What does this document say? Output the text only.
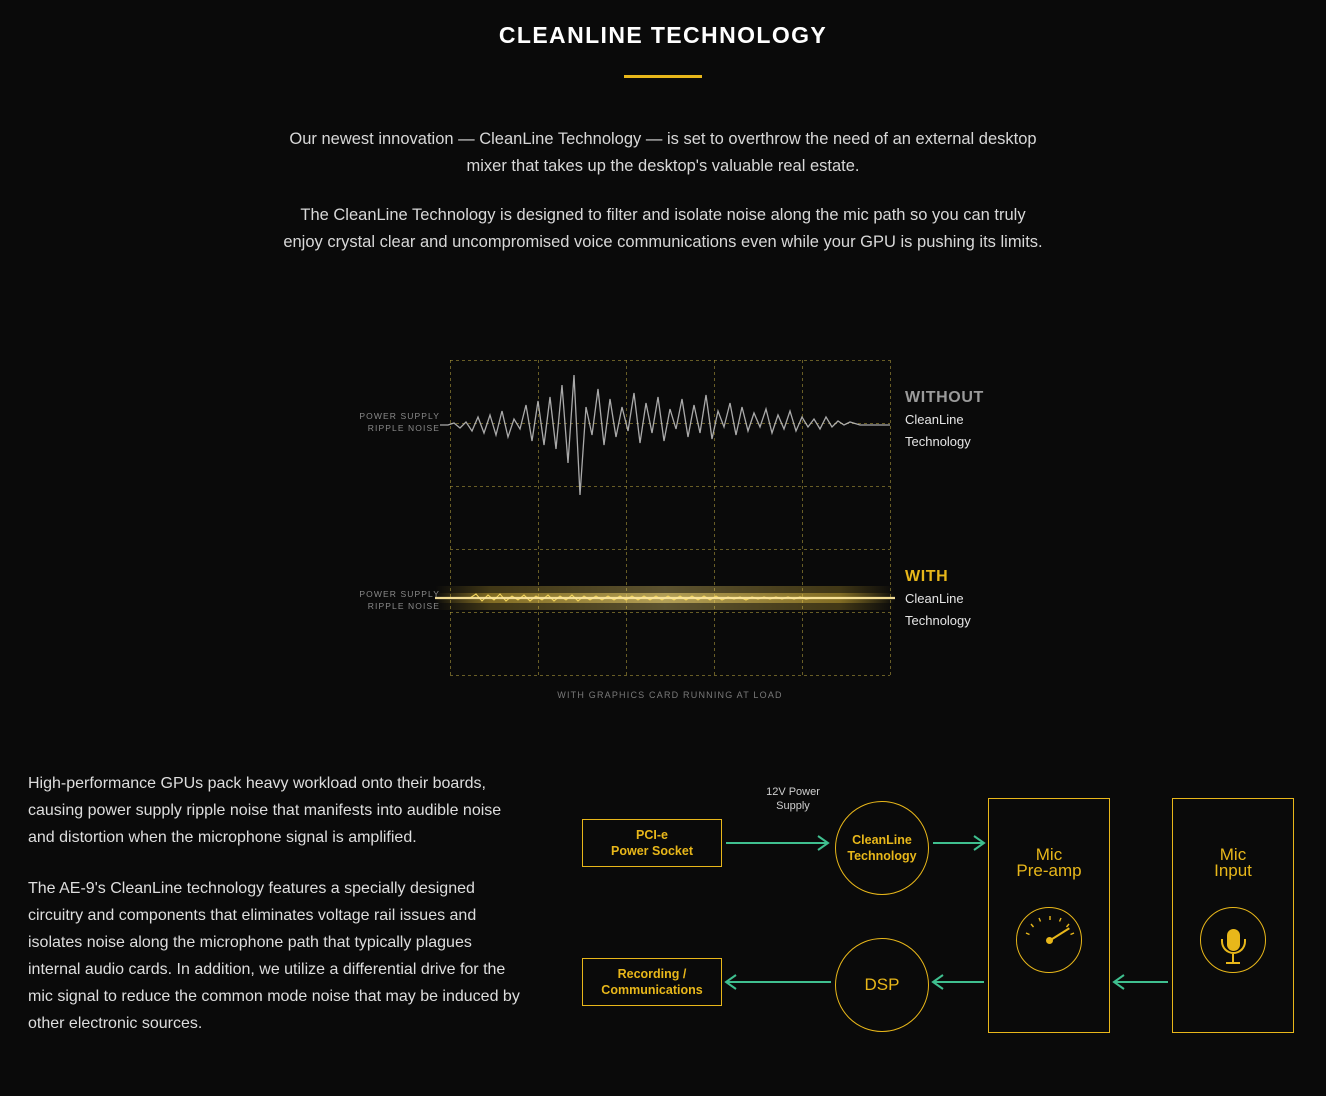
CLEANLINE TECHNOLOGY

Our newest innovation — CleanLine Technology — is set to overthrow the need of an external desktop mixer that takes up the desktop's valuable real estate.

The CleanLine Technology is designed to filter and isolate noise along the mic path so you can truly enjoy crystal clear and uncompromised voice communications even while your GPU is pushing its limits.

POWER SUPPLY
RIPPLE NOISE
POWER SUPPLY
RIPPLE NOISE
WITHOUT
CleanLine
Technology
WITH
CleanLine
Technology
WITH GRAPHICS CARD RUNNING AT LOAD

High-performance GPUs pack heavy workload onto their boards, causing power supply ripple noise that manifests into audible noise and distortion when the microphone signal is amplified.

The AE-9's CleanLine technology features a specially designed circuitry and components that eliminates voltage rail issues and isolates noise along the microphone path that typically plagues internal audio cards. In addition, we utilize a differential drive for the mic signal to reduce the common mode noise that may be induced by other electronic sources.

12V Power
Supply
PCI-e
Power Socket
Recording /
Communications
CleanLine
Technology
DSP
Mic
Pre-amp
Mic
Input
